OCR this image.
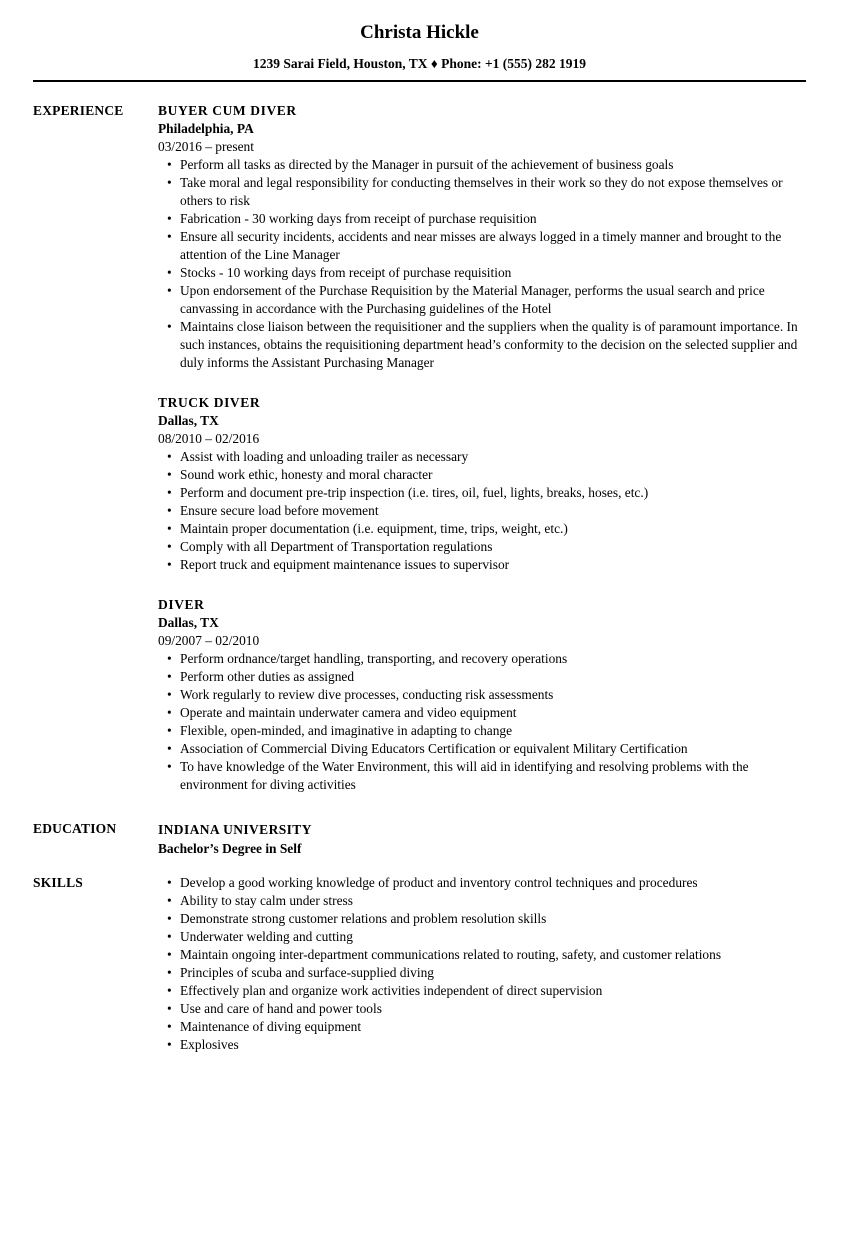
Christa Hickle
1239 Sarai Field, Houston, TX ♦ Phone: +1 (555) 282 1919
EXPERIENCE	BUYER CUM DIVER
Philadelphia, PA
03/2016 – present
• Perform all tasks as directed by the Manager in pursuit of the achievement of business goals
• Take moral and legal responsibility for conducting themselves in their work so they do not expose themselves or others to risk
• Fabrication - 30 working days from receipt of purchase requisition
• Ensure all security incidents, accidents and near misses are always logged in a timely manner and brought to the attention of the Line Manager
• Stocks - 10 working days from receipt of purchase requisition
• Upon endorsement of the Purchase Requisition by the Material Manager, performs the usual search and price canvassing in accordance with the Purchasing guidelines of the Hotel
• Maintains close liaison between the requisitioner and the suppliers when the quality is of paramount importance. In such instances, obtains the requisitioning department head’s conformity to the decision on the selected supplier and duly informs the Assistant Purchasing Manager
TRUCK DIVER
Dallas, TX
08/2010 – 02/2016
• Assist with loading and unloading trailer as necessary
• Sound work ethic, honesty and moral character
• Perform and document pre-trip inspection (i.e. tires, oil, fuel, lights, breaks, hoses, etc.)
• Ensure secure load before movement
• Maintain proper documentation (i.e. equipment, time, trips, weight, etc.)
• Comply with all Department of Transportation regulations
• Report truck and equipment maintenance issues to supervisor
DIVER
Dallas, TX
09/2007 – 02/2010
• Perform ordnance/target handling, transporting, and recovery operations
• Perform other duties as assigned
• Work regularly to review dive processes, conducting risk assessments
• Operate and maintain underwater camera and video equipment
• Flexible, open-minded, and imaginative in adapting to change
• Association of Commercial Diving Educators Certification or equivalent Military Certification
• To have knowledge of the Water Environment, this will aid in identifying and resolving problems with the environment for diving activities
EDUCATION	INDIANA UNIVERSITY
Bachelor’s Degree in Self
SKILLS	• Develop a good working knowledge of product and inventory control techniques and procedures
• Ability to stay calm under stress
• Demonstrate strong customer relations and problem resolution skills
• Underwater welding and cutting
• Maintain ongoing inter-department communications related to routing, safety, and customer relations
• Principles of scuba and surface-supplied diving
• Effectively plan and organize work activities independent of direct supervision
• Use and care of hand and power tools
• Maintenance of diving equipment
• Explosives
